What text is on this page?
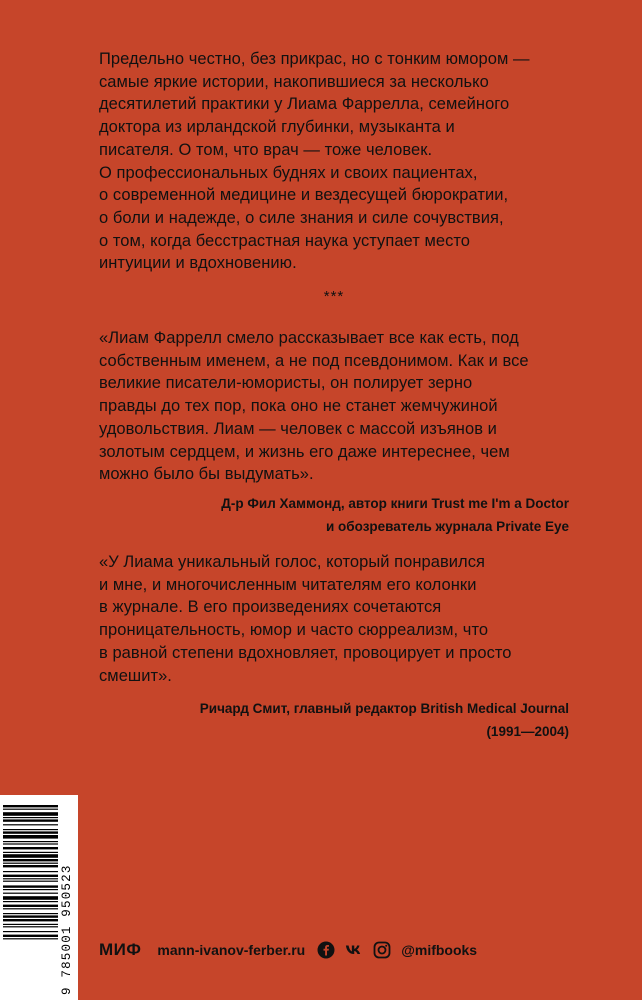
Предельно честно, без прикрас, но с тонким юмором —
самые яркие истории, накопившиеся за несколько
десятилетий практики у Лиама Фаррелла, семейного
доктора из ирландской глубинки, музыканта и
писателя. О том, что врач — тоже человек.
О профессиональных буднях и своих пациентах,
о современной медицине и вездесущей бюрократии,
о боли и надежде, о силе знания и силе сочувствия,
о том, когда бесстрастная наука уступает место
интуиции и вдохновению.

***

«Лиам Фаррелл смело рассказывает все как есть, под
собственным именем, а не под псевдонимом. Как и все
великие писатели-юмористы, он полирует зерно
правды до тех пор, пока оно не станет жемчужиной
удовольствия. Лиам — человек с массой изъянов и
золотым сердцем, и жизнь его даже интереснее, чем
можно было бы выдумать».

Д-р Фил Хаммонд, автор книги Trust me I'm a Doctor
и обозреватель журнала Private Eye

«У Лиама уникальный голос, который понравился
и мне, и многочисленным читателям его колонки
в журнале. В его произведениях сочетаются
проницательность, юмор и часто сюрреализм, что
в равной степени вдохновляет, провоцирует и просто
смешит».

Ричард Смит, главный редактор British Medical Journal
(1991—2004)
9 785001 950523 МИФ mann-ivanov-ferber.ru	@mifbooks
